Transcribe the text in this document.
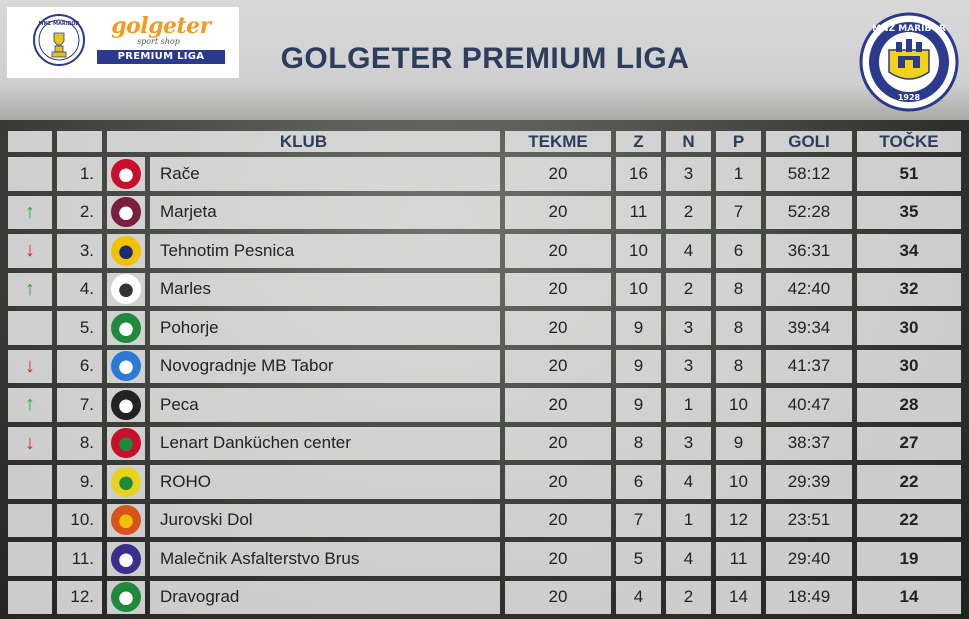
MNZ MARIBOR	golgeter
sport shop
PREMIUM LIGA	GOLGETER PREMIUM LIGA
MNZ MARIBOR
1928
		KLUB		TEKME	Z	N	P	GOLI	TOČKE
	1.		Rače	20	16	3	1	58:12	51
↑	2.		Marjeta	20	11	2	7	52:28	35
↓	3.		Tehnotim Pesnica	20	10	4	6	36:31	34
↑	4.		Marles	20	10	2	8	42:40	32
	5.		Pohorje	20	9	3	8	39:34	30
↓	6.		Novogradnje MB Tabor	20	9	3	8	41:37	30
↑	7.		Peca	20	9	1	10	40:47	28
↓	8.		Lenart Danküchen center	20	8	3	9	38:37	27
	9.		ROHO	20	6	4	10	29:39	22
	10.		Jurovski Dol	20	7	1	12	23:51	22
	11.		Malečnik Asfalterstvo Brus	20	5	4	11	29:40	19
	12.		Dravograd	20	4	2	14	18:49	14
